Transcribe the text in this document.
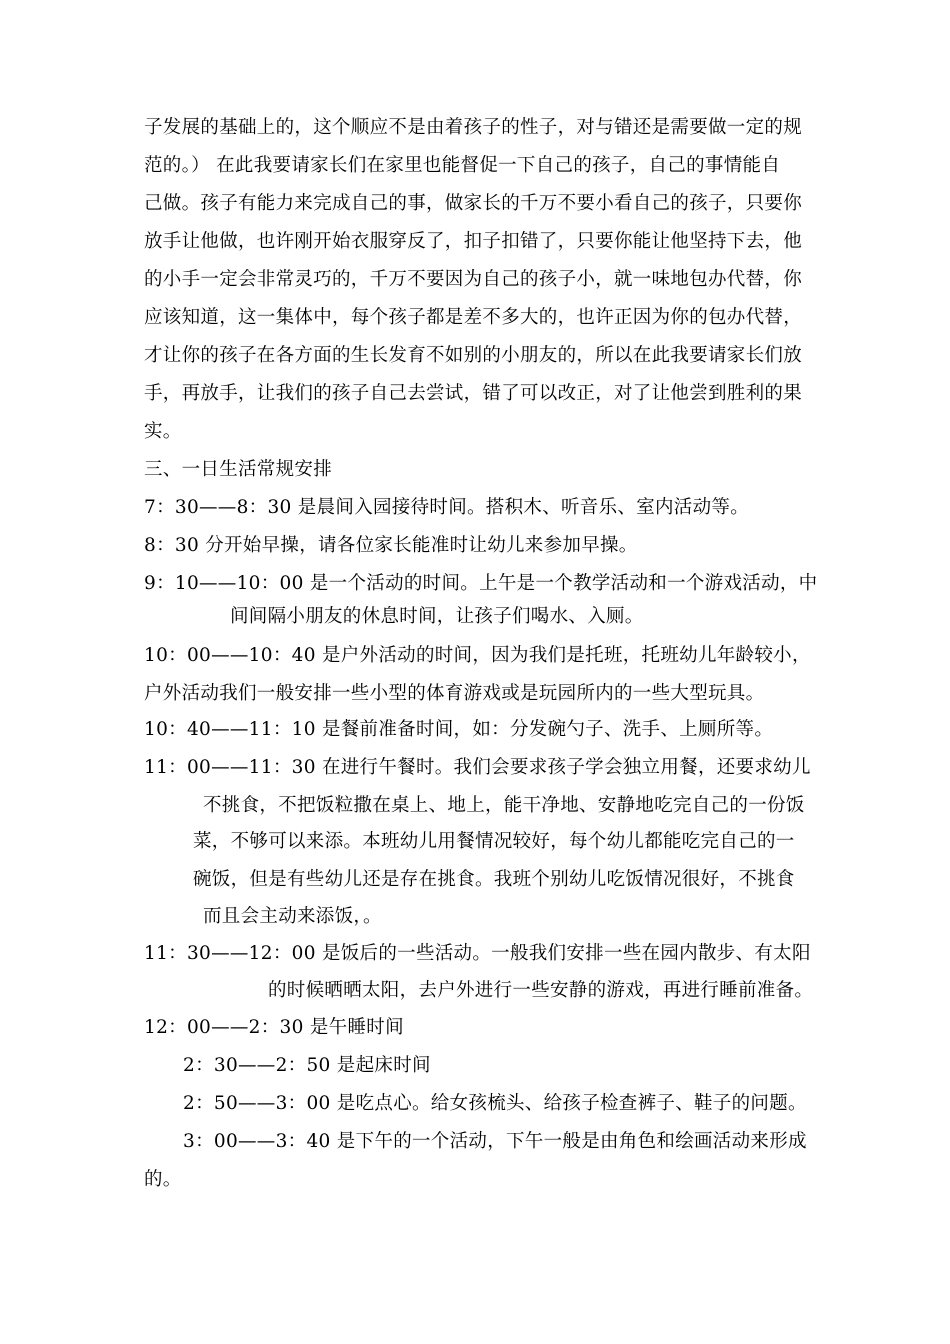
子发展的基础上的，这个顺应不是由着孩子的性子，对与错还是需要做一定的规
范的。） 在此我要请家长们在家里也能督促一下自己的孩子，自己的事情能自
己做。孩子有能力来完成自己的事，做家长的千万不要小看自己的孩子，只要你
放手让他做，也许刚开始衣服穿反了，扣子扣错了，只要你能让他坚持下去，他
的小手一定会非常灵巧的，千万不要因为自己的孩子小，就一味地包办代替，你
应该知道，这一集体中，每个孩子都是差不多大的，也许正因为你的包办代替，
才让你的孩子在各方面的生长发育不如别的小朋友的，所以在此我要请家长们放
手，再放手，让我们的孩子自己去尝试，错了可以改正，对了让他尝到胜利的果
实。
三、一日生活常规安排
7：30——8：30 是晨间入园接待时间。搭积木、听音乐、室内活动等。
8：30 分开始早操，请各位家长能准时让幼儿来参加早操。
9：10——10：00 是一个活动的时间。上午是一个教学活动和一个游戏活动，中
间间隔小朋友的休息时间，让孩子们喝水、入厕。
10：00——10：40 是户外活动的时间，因为我们是托班，托班幼儿年龄较小，
户外活动我们一般安排一些小型的体育游戏或是玩园所内的一些大型玩具。
10：40——11：10 是餐前准备时间，如：分发碗勺子、洗手、上厕所等。
11：00——11：30 在进行午餐时。我们会要求孩子学会独立用餐，还要求幼儿
不挑食，不把饭粒撒在桌上、地上，能干净地、安静地吃完自己的一份饭
菜，不够可以来添。本班幼儿用餐情况较好，每个幼儿都能吃完自己的一
碗饭，但是有些幼儿还是存在挑食。我班个别幼儿吃饭情况很好，不挑食
而且会主动来添饭，。
11：30——12：00 是饭后的一些活动。一般我们安排一些在园内散步、有太阳
的时候晒晒太阳，去户外进行一些安静的游戏，再进行睡前准备。
12：00——2：30 是午睡时间
2：30——2：50 是起床时间
2：50——3：00 是吃点心。给女孩梳头、给孩子检查裤子、鞋子的问题。
3：00——3：40 是下午的一个活动，下午一般是由角色和绘画活动来形成
的。
